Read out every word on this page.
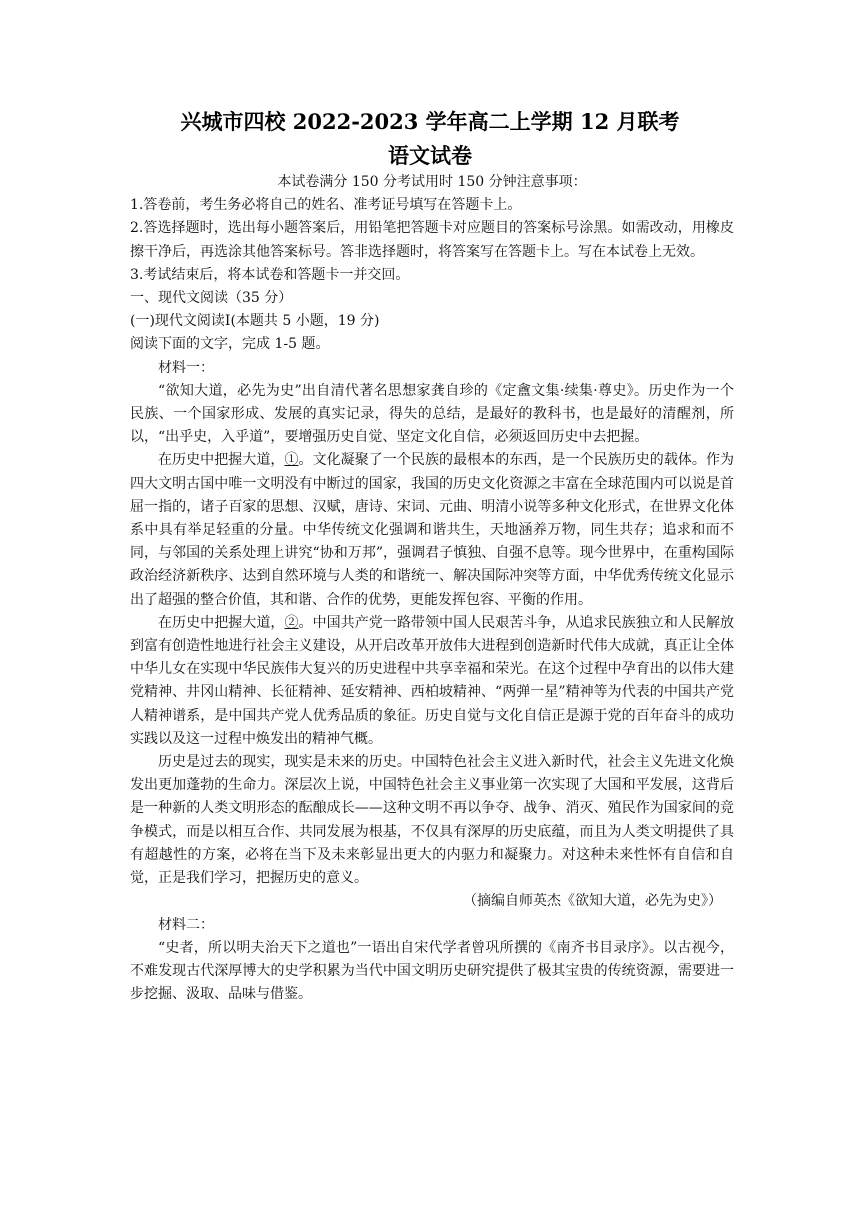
兴城市四校 2022-2023 学年高二上学期 12 月联考
语文试卷

本试卷满分 150 分考试用时 150 分钟注意事项：

1.答卷前，考生务必将自己的姓名、准考证号填写在答题卡上。

2.答选择题时，选出每小题答案后，用铅笔把答题卡对应题目的答案标号涂黑。如需改动，用橡皮擦干净后，再选涂其他答案标号。答非选择题时，将答案写在答题卡上。写在本试卷上无效。

3.考试结束后，将本试卷和答题卡一并交回。

一、现代文阅读（35 分）

(一)现代文阅读Ⅰ(本题共 5 小题，19 分)

阅读下面的文字，完成 1-5 题。

材料一：

“欲知大道，必先为史”出自清代著名思想家龚自珍的《定盦文集·续集·尊史》。历史作为一个民族、一个国家形成、发展的真实记录，得失的总结，是最好的教科书，也是最好的清醒剂，所以，“出乎史，入乎道”，要增强历史自觉、坚定文化自信，必须返回历史中去把握。

在历史中把握大道，①。文化凝聚了一个民族的最根本的东西，是一个民族历史的载体。作为四大文明古国中唯一文明没有中断过的国家，我国的历史文化资源之丰富在全球范围内可以说是首屈一指的，诸子百家的思想、汉赋，唐诗、宋词、元曲、明清小说等多种文化形式，在世界文化体系中具有举足轻重的分量。中华传统文化强调和谐共生，天地涵养万物，同生共存；追求和而不同，与邻国的关系处理上讲究“协和万邦”，强调君子慎独、自强不息等。现今世界中，在重构国际政治经济新秩序、达到自然环境与人类的和谐统一、解决国际冲突等方面，中华优秀传统文化显示出了超强的整合价值，其和谐、合作的优势，更能发挥包容、平衡的作用。

在历史中把握大道，②。中国共产党一路带领中国人民艰苦斗争，从追求民族独立和人民解放到富有创造性地进行社会主义建设，从开启改革开放伟大进程到创造新时代伟大成就，真正让全体中华儿女在实现中华民族伟大复兴的历史进程中共享幸福和荣光。在这个过程中孕育出的以伟大建党精神、井冈山精神、长征精神、延安精神、西柏坡精神、“两弹一星”精神等为代表的中国共产党人精神谱系，是中国共产党人优秀品质的象征。历史自觉与文化自信正是源于党的百年奋斗的成功实践以及这一过程中焕发出的精神气概。

历史是过去的现实，现实是未来的历史。中国特色社会主义进入新时代，社会主义先进文化焕发出更加蓬勃的生命力。深层次上说，中国特色社会主义事业第一次实现了大国和平发展，这背后是一种新的人类文明形态的酝酿成长——这种文明不再以争夺、战争、消灭、殖民作为国家间的竞争模式，而是以相互合作、共同发展为根基，不仅具有深厚的历史底蕴，而且为人类文明提供了具有超越性的方案，必将在当下及未来彰显出更大的内驱力和凝聚力。对这种未来性怀有自信和自觉，正是我们学习，把握历史的意义。

（摘编自师英杰《欲知大道，必先为史》）

材料二：

“史者，所以明夫治天下之道也”一语出自宋代学者曾巩所撰的《南齐书目录序》。以古视今，不难发现古代深厚博大的史学积累为当代中国文明历史研究提供了极其宝贵的传统资源，需要进一步挖掘、汲取、品味与借鉴。
